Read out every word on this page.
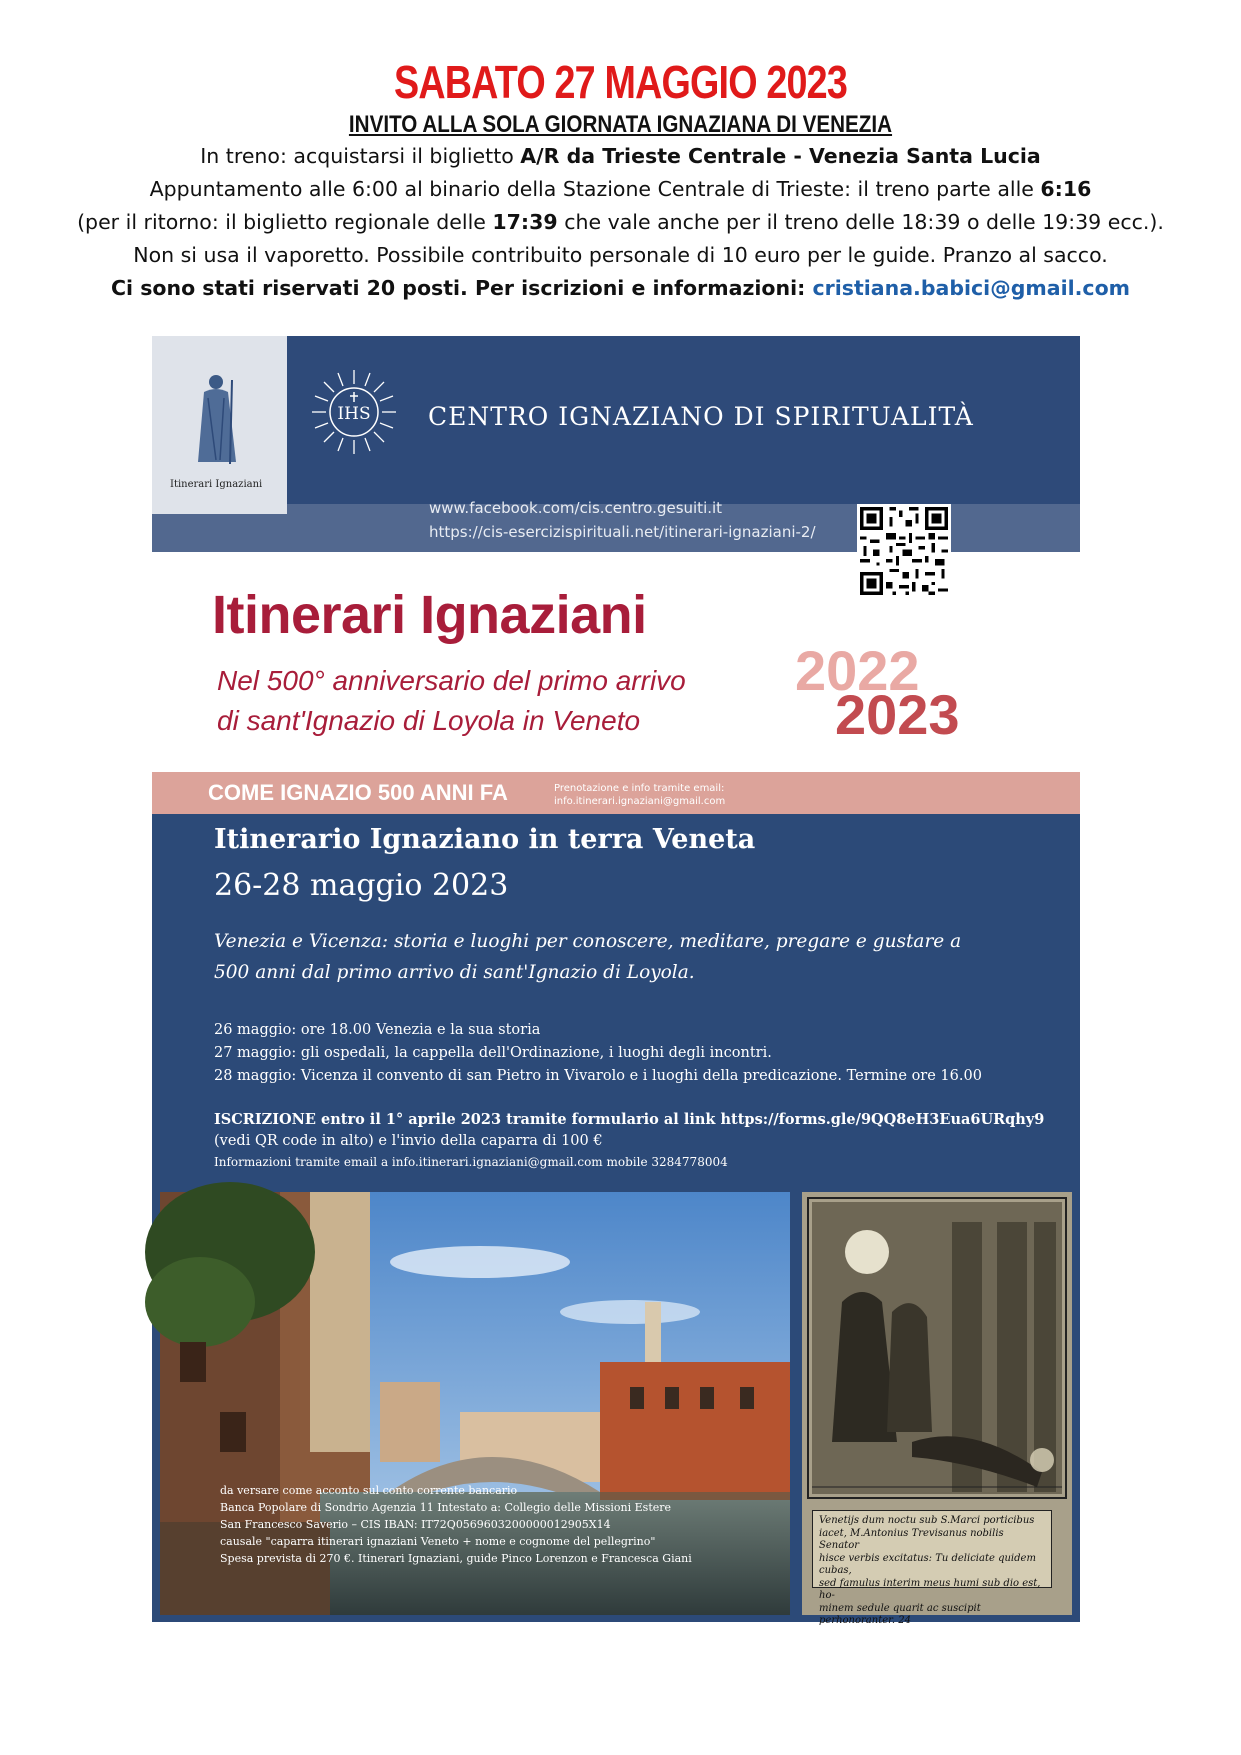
SABATO 27 MAGGIO 2023
INVITO ALLA SOLA GIORNATA IGNAZIANA DI VENEZIA
In treno: acquistarsi il biglietto A/R da Trieste Centrale - Venezia Santa Lucia
Appuntamento alle 6:00 al binario della Stazione Centrale di Trieste: il treno parte alle 6:16
(per il ritorno: il biglietto regionale delle 17:39 che vale anche per il treno delle 18:39 o delle 19:39 ecc.).
Non si usa il vaporetto. Possibile contribuito personale di 10 euro per le guide. Pranzo al sacco.
Ci sono stati riservati 20 posti. Per iscrizioni e informazioni: cristiana.babici@gmail.com
Itinerari Ignaziani
IHS CENTRO IGNAZIANO DI SPIRITUALITÀ
www.facebook.com/cis.centro.gesuiti.it
https://cis-esercizispirituali.net/itinerari-ignaziani-2/
Itinerari Ignaziani
Nel 500° anniversario del primo arrivo
di sant'Ignazio di Loyola in Veneto
2022
2023
COME IGNAZIO 500 ANNI FA	Prenotazione e info tramite email:
info.itinerari.ignaziani@gmail.com
Itinerario Ignaziano in terra Veneta
26-28 maggio 2023
Venezia e Vicenza: storia e luoghi per conoscere, meditare, pregare e gustare a
500 anni dal primo arrivo di sant'Ignazio di Loyola.
26 maggio: ore 18.00 Venezia e la sua storia
27 maggio: gli ospedali, la cappella dell'Ordinazione, i luoghi degli incontri.
28 maggio: Vicenza il convento di san Pietro in Vivarolo e i luoghi della predicazione. Termine ore 16.00
ISCRIZIONE entro il 1° aprile 2023 tramite formulario al link https://forms.gle/9QQ8eH3Eua6URqhy9
(vedi QR code in alto) e l'invio della caparra di 100 €
Informazioni tramite email a info.itinerari.ignaziani@gmail.com mobile 3284778004
da versare come acconto sul conto corrente bancario
Banca Popolare di Sondrio Agenzia 11 Intestato a: Collegio delle Missioni Estere
San Francesco Saverio – CIS IBAN: IT72Q0569603200000012905X14
causale "caparra itinerari ignaziani Veneto + nome e cognome del pellegrino"
Spesa prevista di 270 €. Itinerari Ignaziani, guide Pinco Lorenzon e Francesca Giani
Venetijs dum noctu sub S.Marci porticibus
iacet, M.Antonius Trevisanus nobilis Senator
hisce verbis excitatus: Tu deliciate quidem cubas,
sed famulus interim meus humi sub dio est, ho-
minem sedule quarit ac suscipit perhonoranter. 24
